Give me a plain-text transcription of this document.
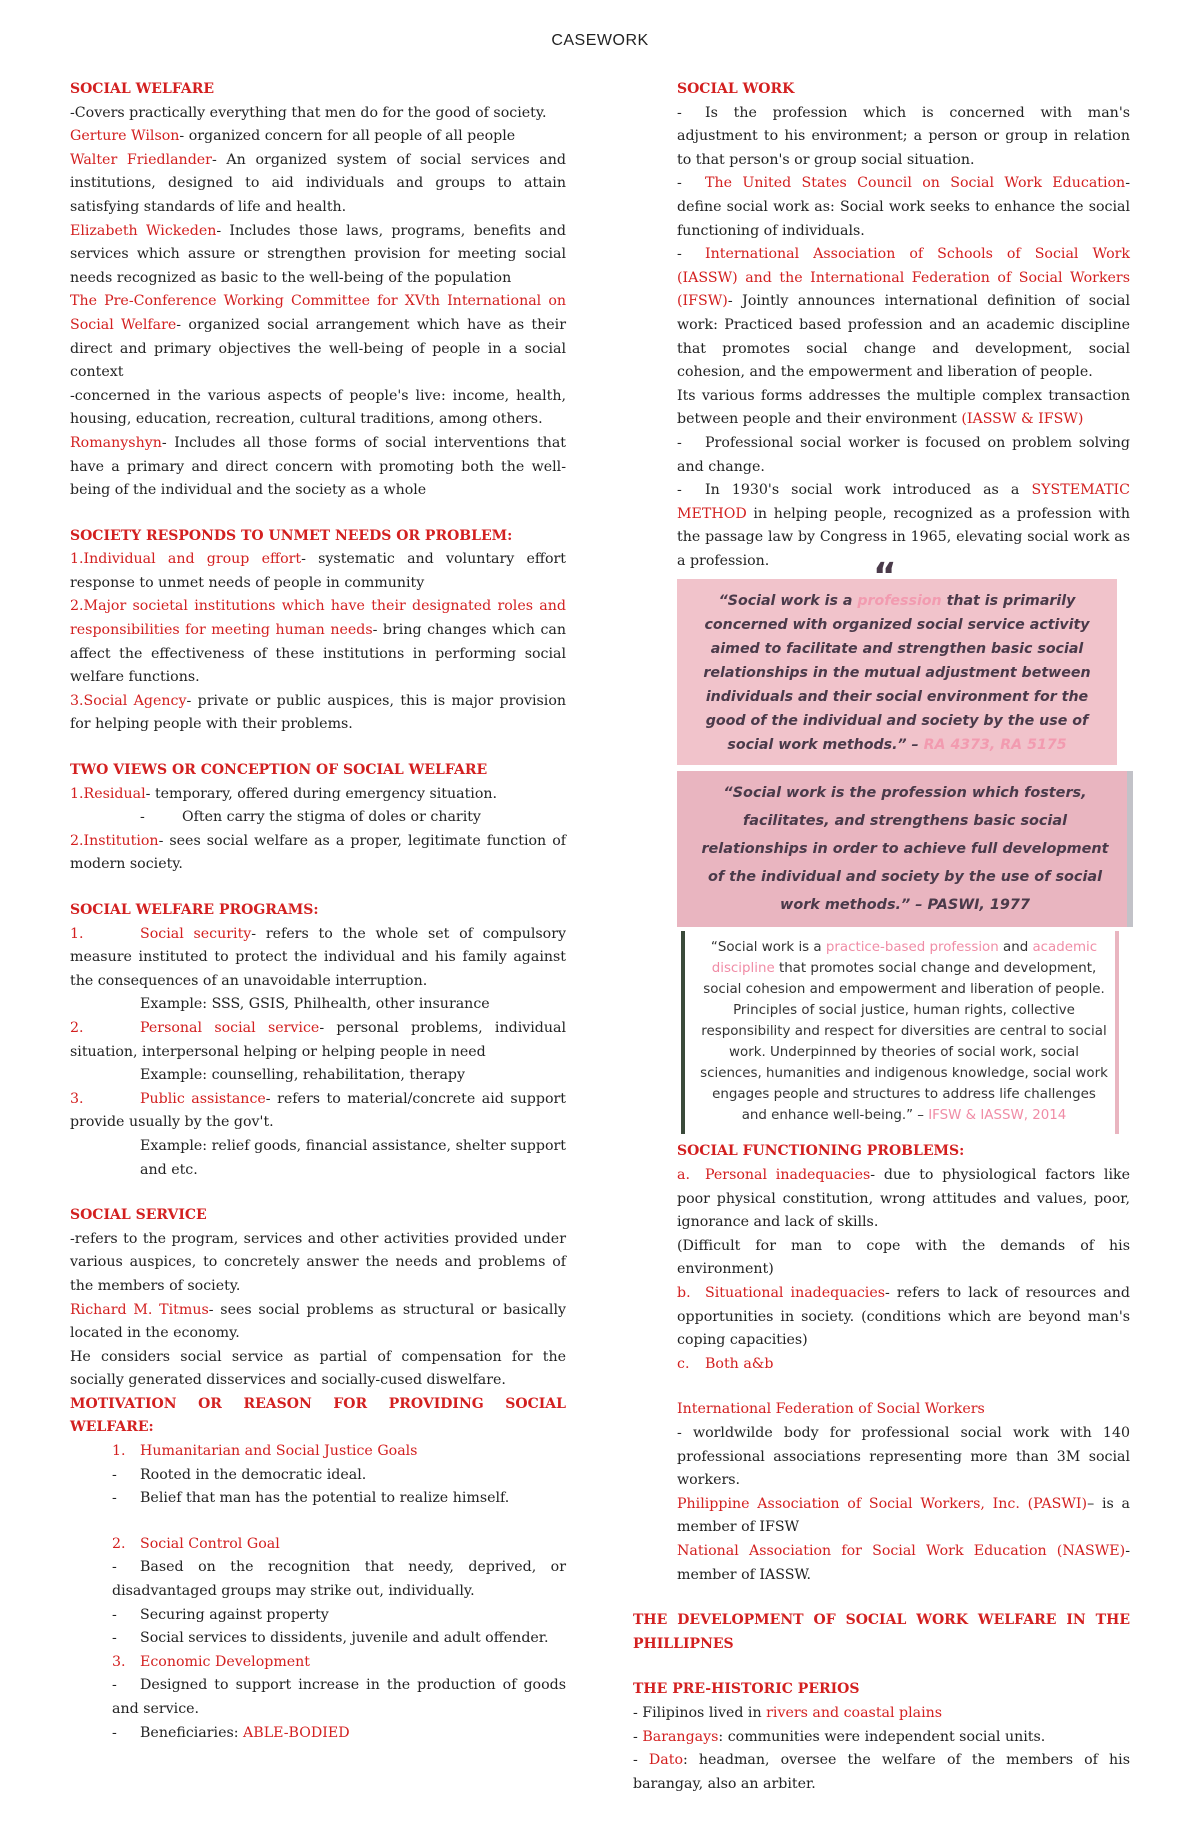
CASEWORK

SOCIAL WELFARE

-Covers practically everything that men do for the good of society.

Gerture Wilson- organized concern for all people of all people

Walter Friedlander- An organized system of social services and institutions, designed to aid individuals and groups to attain satisfying standards of life and health.

Elizabeth Wickeden- Includes those laws, programs, benefits and services which assure or strengthen provision for meeting social needs recognized as basic to the well-being of the population

The Pre-Conference Working Committee for XVth International on Social Welfare- organized social arrangement which have as their direct and primary objectives the well-being of people in a social context

-concerned in the various aspects of people's live: income, health, housing, education, recreation, cultural traditions, among others.

Romanyshyn- Includes all those forms of social interventions that have a primary and direct concern with promoting both the well-being of the individual and the society as a whole

SOCIETY RESPONDS TO UNMET NEEDS OR PROBLEM:

1.Individual and group effort- systematic and voluntary effort response to unmet needs of people in community

2.Major societal institutions which have their designated roles and responsibilities for meeting human needs- bring changes which can affect the effectiveness of these institutions in performing social welfare functions.

3.Social Agency- private or public auspices, this is major provision for helping people with their problems.

TWO VIEWS OR CONCEPTION OF SOCIAL WELFARE

1.Residual- temporary, offered during emergency situation.

-	Often carry the stigma of doles or charity

2.Institution- sees social welfare as a proper, legitimate function of modern society.

SOCIAL WELFARE PROGRAMS:

1.	Social security- refers to the whole set of compulsory measure instituted to protect the individual and his family against the consequences of an unavoidable interruption.

Example: SSS, GSIS, Philhealth, other insurance

2.	Personal social service- personal problems, individual situation, interpersonal helping or helping people in need

Example: counselling, rehabilitation, therapy

3.	Public assistance- refers to material/concrete aid support provide usually by the gov't.

Example: relief goods, financial assistance, shelter support and etc.

SOCIAL SERVICE

-refers to the program, services and other activities provided under various auspices, to concretely answer the needs and problems of the members of society.

Richard M. Titmus- sees social problems as structural or basically located in the economy.

He considers social service as partial of compensation for the socially generated disservices and socially-cused diswelfare.

MOTIVATION OR REASON FOR PROVIDING SOCIAL WELFARE:

1. Humanitarian and Social Justice Goals

- Rooted in the democratic ideal.

- Belief that man has the potential to realize himself.

2. Social Control Goal

- Based on the recognition that needy, deprived, or disadvantaged groups may strike out, individually.

- Securing against property

- Social services to dissidents, juvenile and adult offender.

3. Economic Development

- Designed to support increase in the production of goods and service.

- Beneficiaries: ABLE-BODIED

SOCIAL WORK

- Is the profession which is concerned with man's adjustment to his environment; a person or group in relation to that person's or group social situation.

- The United States Council on Social Work Education- define social work as: Social work seeks to enhance the social functioning of individuals.

- International Association of Schools of Social Work (IASSW) and the International Federation of Social Workers (IFSW)- Jointly announces international definition of social work: Practiced based profession and an academic discipline that promotes social change and development, social cohesion, and the empowerment and liberation of people.

Its various forms addresses the multiple complex transaction between people and their environment (IASSW & IFSW)

- Professional social worker is focused on problem solving and change.

- In 1930's social work introduced as a SYSTEMATIC METHOD in helping people, recognized as a profession with the passage law by Congress in 1965, elevating social work as a profession.	“
“Social work is a profession that is primarily concerned with organized social service activity aimed to facilitate and strengthen basic social relationships in the mutual adjustment between individuals and their social environment for the good of the individual and society by the use of social work methods.” – RA 4373, RA 5175
“Social work is the profession which fosters, facilitates, and strengthens basic social relationships in order to achieve full development of the individual and society by the use of social work methods.” – PASWI, 1977
“Social work is a practice-based profession and academic discipline that promotes social change and development, social cohesion and empowerment and liberation of people. Principles of social justice, human rights, collective responsibility and respect for diversities are central to social work. Underpinned by theories of social work, social sciences, humanities and indigenous knowledge, social work engages people and structures to address life challenges and enhance well-being.” – IFSW & IASSW, 2014

SOCIAL FUNCTIONING PROBLEMS:

a. Personal inadequacies- due to physiological factors like poor physical constitution, wrong attitudes and values, poor, ignorance and lack of skills.

(Difficult for man to cope with the demands of his environment)

b. Situational inadequacies- refers to lack of resources and opportunities in society. (conditions which are beyond man's coping capacities)

c. Both a&b

International Federation of Social Workers

- worldwilde body for professional social work with 140 professional associations representing more than 3M social workers.

Philippine Association of Social Workers, Inc. (PASWI)– is a member of IFSW

National Association for Social Work Education (NASWE)- member of IASSW.

THE DEVELOPMENT OF SOCIAL WORK WELFARE IN THE PHILLIPNES

THE PRE-HISTORIC PERIOS

- Filipinos lived in rivers and coastal plains

- Barangays: communities were independent social units.

- Dato: headman, oversee the welfare of the members of his barangay, also an arbiter.
